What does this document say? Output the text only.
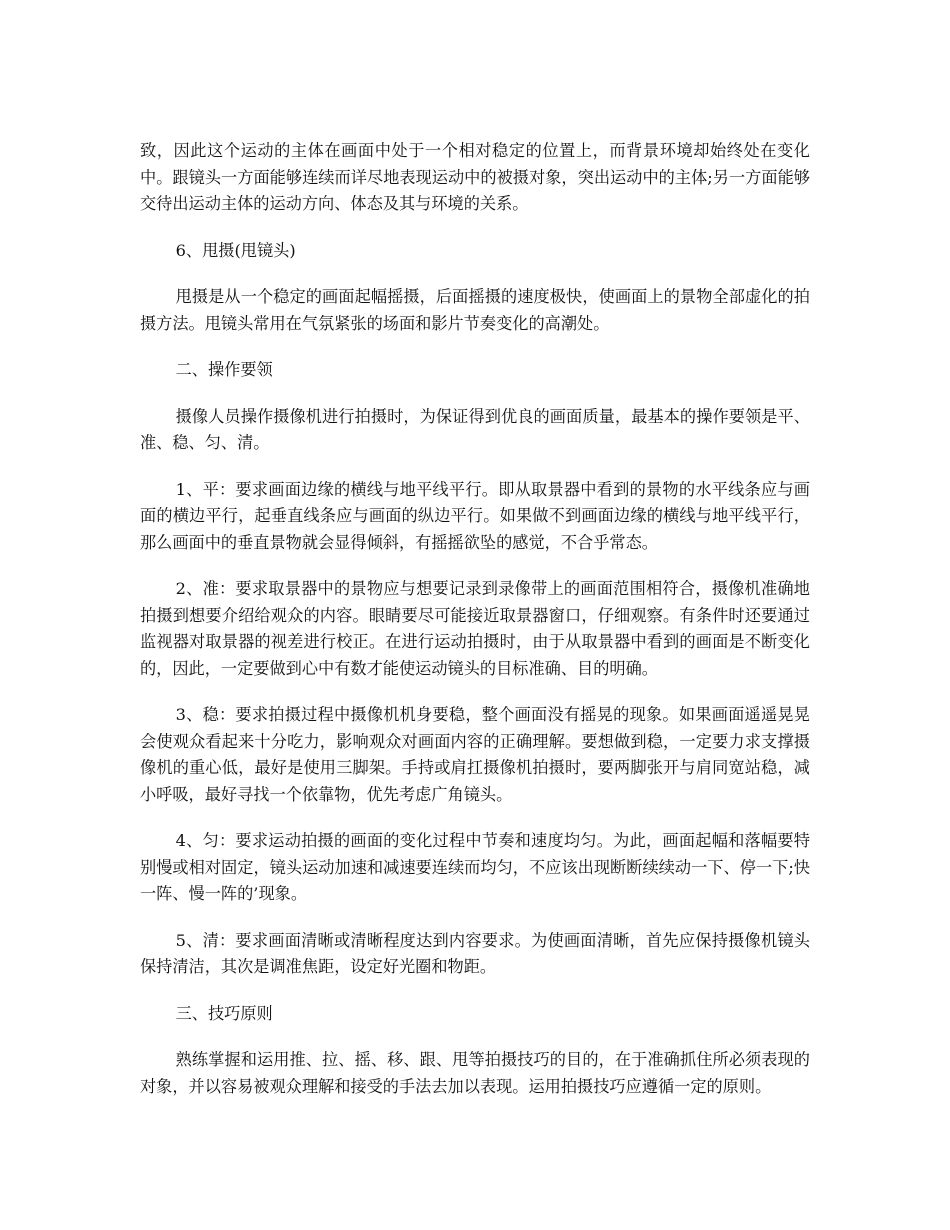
致，因此这个运动的主体在画面中处于一个相对稳定的位置上，而背景环境却始终处在变化中。跟镜头一方面能够连续而详尽地表现运动中的被摄对象，突出运动中的主体;另一方面能够交待出运动主体的运动方向、体态及其与环境的关系。

6、甩摄(甩镜头)

甩摄是从一个稳定的画面起幅摇摄，后面摇摄的速度极快，使画面上的景物全部虚化的拍摄方法。甩镜头常用在气氛紧张的场面和影片节奏变化的高潮处。

二、操作要领

摄像人员操作摄像机进行拍摄时，为保证得到优良的画面质量，最基本的操作要领是平、准、稳、匀、清。

1、平：要求画面边缘的横线与地平线平行。即从取景器中看到的景物的水平线条应与画面的横边平行，起垂直线条应与画面的纵边平行。如果做不到画面边缘的横线与地平线平行，那么画面中的垂直景物就会显得倾斜，有摇摇欲坠的感觉，不合乎常态。

2、准：要求取景器中的景物应与想要记录到录像带上的画面范围相符合，摄像机准确地拍摄到想要介绍给观众的内容。眼睛要尽可能接近取景器窗口，仔细观察。有条件时还要通过监视器对取景器的视差进行校正。在进行运动拍摄时，由于从取景器中看到的画面是不断变化的，因此，一定要做到心中有数才能使运动镜头的目标准确、目的明确。

3、稳：要求拍摄过程中摄像机机身要稳，整个画面没有摇晃的现象。如果画面遥遥晃晃会使观众看起来十分吃力，影响观众对画面内容的正确理解。要想做到稳，一定要力求支撑摄像机的重心低，最好是使用三脚架。手持或肩扛摄像机拍摄时，要两脚张开与肩同宽站稳，减小呼吸，最好寻找一个依靠物，优先考虑广角镜头。

4、匀：要求运动拍摄的画面的变化过程中节奏和速度均匀。为此，画面起幅和落幅要特别慢或相对固定，镜头运动加速和减速要连续而均匀，不应该出现断断续续动一下、停一下;快一阵、慢一阵的’现象。

5、清：要求画面清晰或清晰程度达到内容要求。为使画面清晰，首先应保持摄像机镜头保持清洁，其次是调准焦距，设定好光圈和物距。

三、技巧原则

熟练掌握和运用推、拉、摇、移、跟、甩等拍摄技巧的目的，在于准确抓住所必须表现的对象，并以容易被观众理解和接受的手法去加以表现。运用拍摄技巧应遵循一定的原则。
